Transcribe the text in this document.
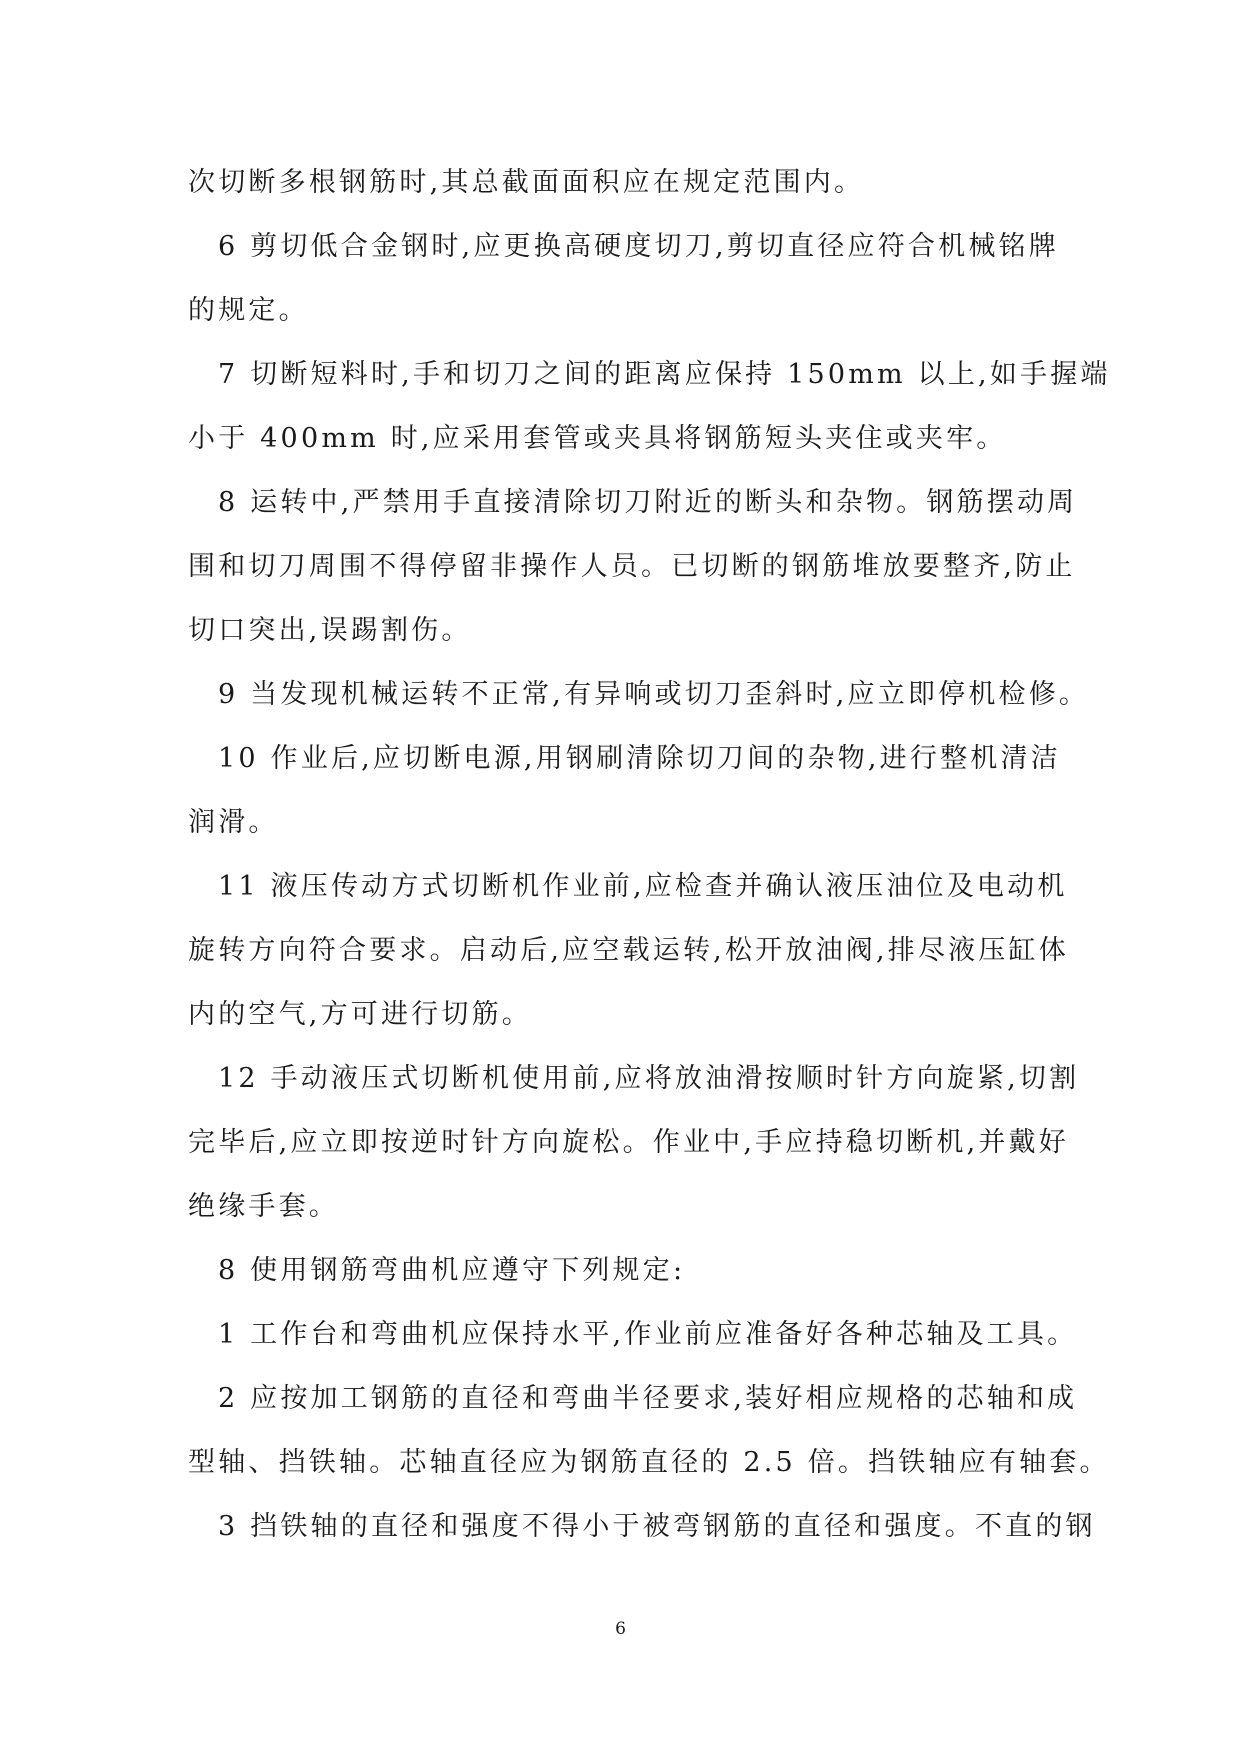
次切断多根钢筋时,其总截面面积应在规定范围内。
6 剪切低合金钢时,应更换高硬度切刀,剪切直径应符合机械铭牌
的规定。
7 切断短料时,手和切刀之间的距离应保持 150mm 以上,如手握端
小于 400mm 时,应采用套管或夹具将钢筋短头夹住或夹牢。
8 运转中,严禁用手直接清除切刀附近的断头和杂物。钢筋摆动周
围和切刀周围不得停留非操作人员。已切断的钢筋堆放要整齐,防止
切口突出,误踢割伤。
9 当发现机械运转不正常,有异响或切刀歪斜时,应立即停机检修。
10 作业后,应切断电源,用钢刷清除切刀间的杂物,进行整机清洁
润滑。
11 液压传动方式切断机作业前,应检查并确认液压油位及电动机
旋转方向符合要求。启动后,应空载运转,松开放油阀,排尽液压缸体
内的空气,方可进行切筋。
12 手动液压式切断机使用前,应将放油滑按顺时针方向旋紧,切割
完毕后,应立即按逆时针方向旋松。作业中,手应持稳切断机,并戴好
绝缘手套。
8 使用钢筋弯曲机应遵守下列规定:
1 工作台和弯曲机应保持水平,作业前应准备好各种芯轴及工具。
2 应按加工钢筋的直径和弯曲半径要求,装好相应规格的芯轴和成
型轴、挡铁轴。芯轴直径应为钢筋直径的 2.5 倍。挡铁轴应有轴套。
3 挡铁轴的直径和强度不得小于被弯钢筋的直径和强度。不直的钢
6
